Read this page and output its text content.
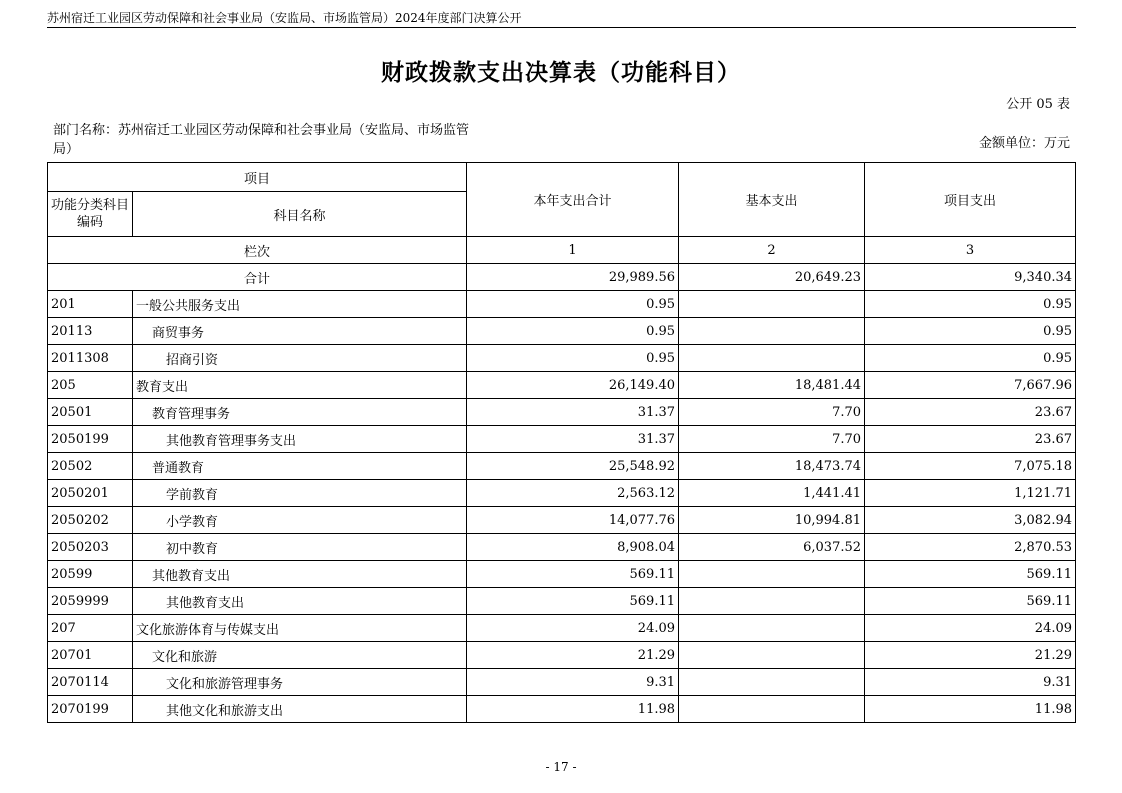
苏州宿迁工业园区劳动保障和社会事业局（安监局、市场监管局）2024年度部门决算公开
财政拨款支出决算表（功能科目）
公开 05 表
部门名称：苏州宿迁工业园区劳动保障和社会事业局（安监局、市场监管局）	金额单位：万元
项目		本年支出合计	基本支出	项目支出
功能分类科目编码	科目名称			
栏次		1	2	3
合计		29,989.56	20,649.23	9,340.34
201	一般公共服务支出	0.95		0.95
20113	商贸事务	0.95		0.95
2011308	招商引资	0.95		0.95
205	教育支出	26,149.40	18,481.44	7,667.96
20501	教育管理事务	31.37	7.70	23.67
2050199	其他教育管理事务支出	31.37	7.70	23.67
20502	普通教育	25,548.92	18,473.74	7,075.18
2050201	学前教育	2,563.12	1,441.41	1,121.71
2050202	小学教育	14,077.76	10,994.81	3,082.94
2050203	初中教育	8,908.04	6,037.52	2,870.53
20599	其他教育支出	569.11		569.11
2059999	其他教育支出	569.11		569.11
207	文化旅游体育与传媒支出	24.09		24.09
20701	文化和旅游	21.29		21.29
2070114	文化和旅游管理事务	9.31		9.31
2070199	其他文化和旅游支出	11.98		11.98
- 17 -
